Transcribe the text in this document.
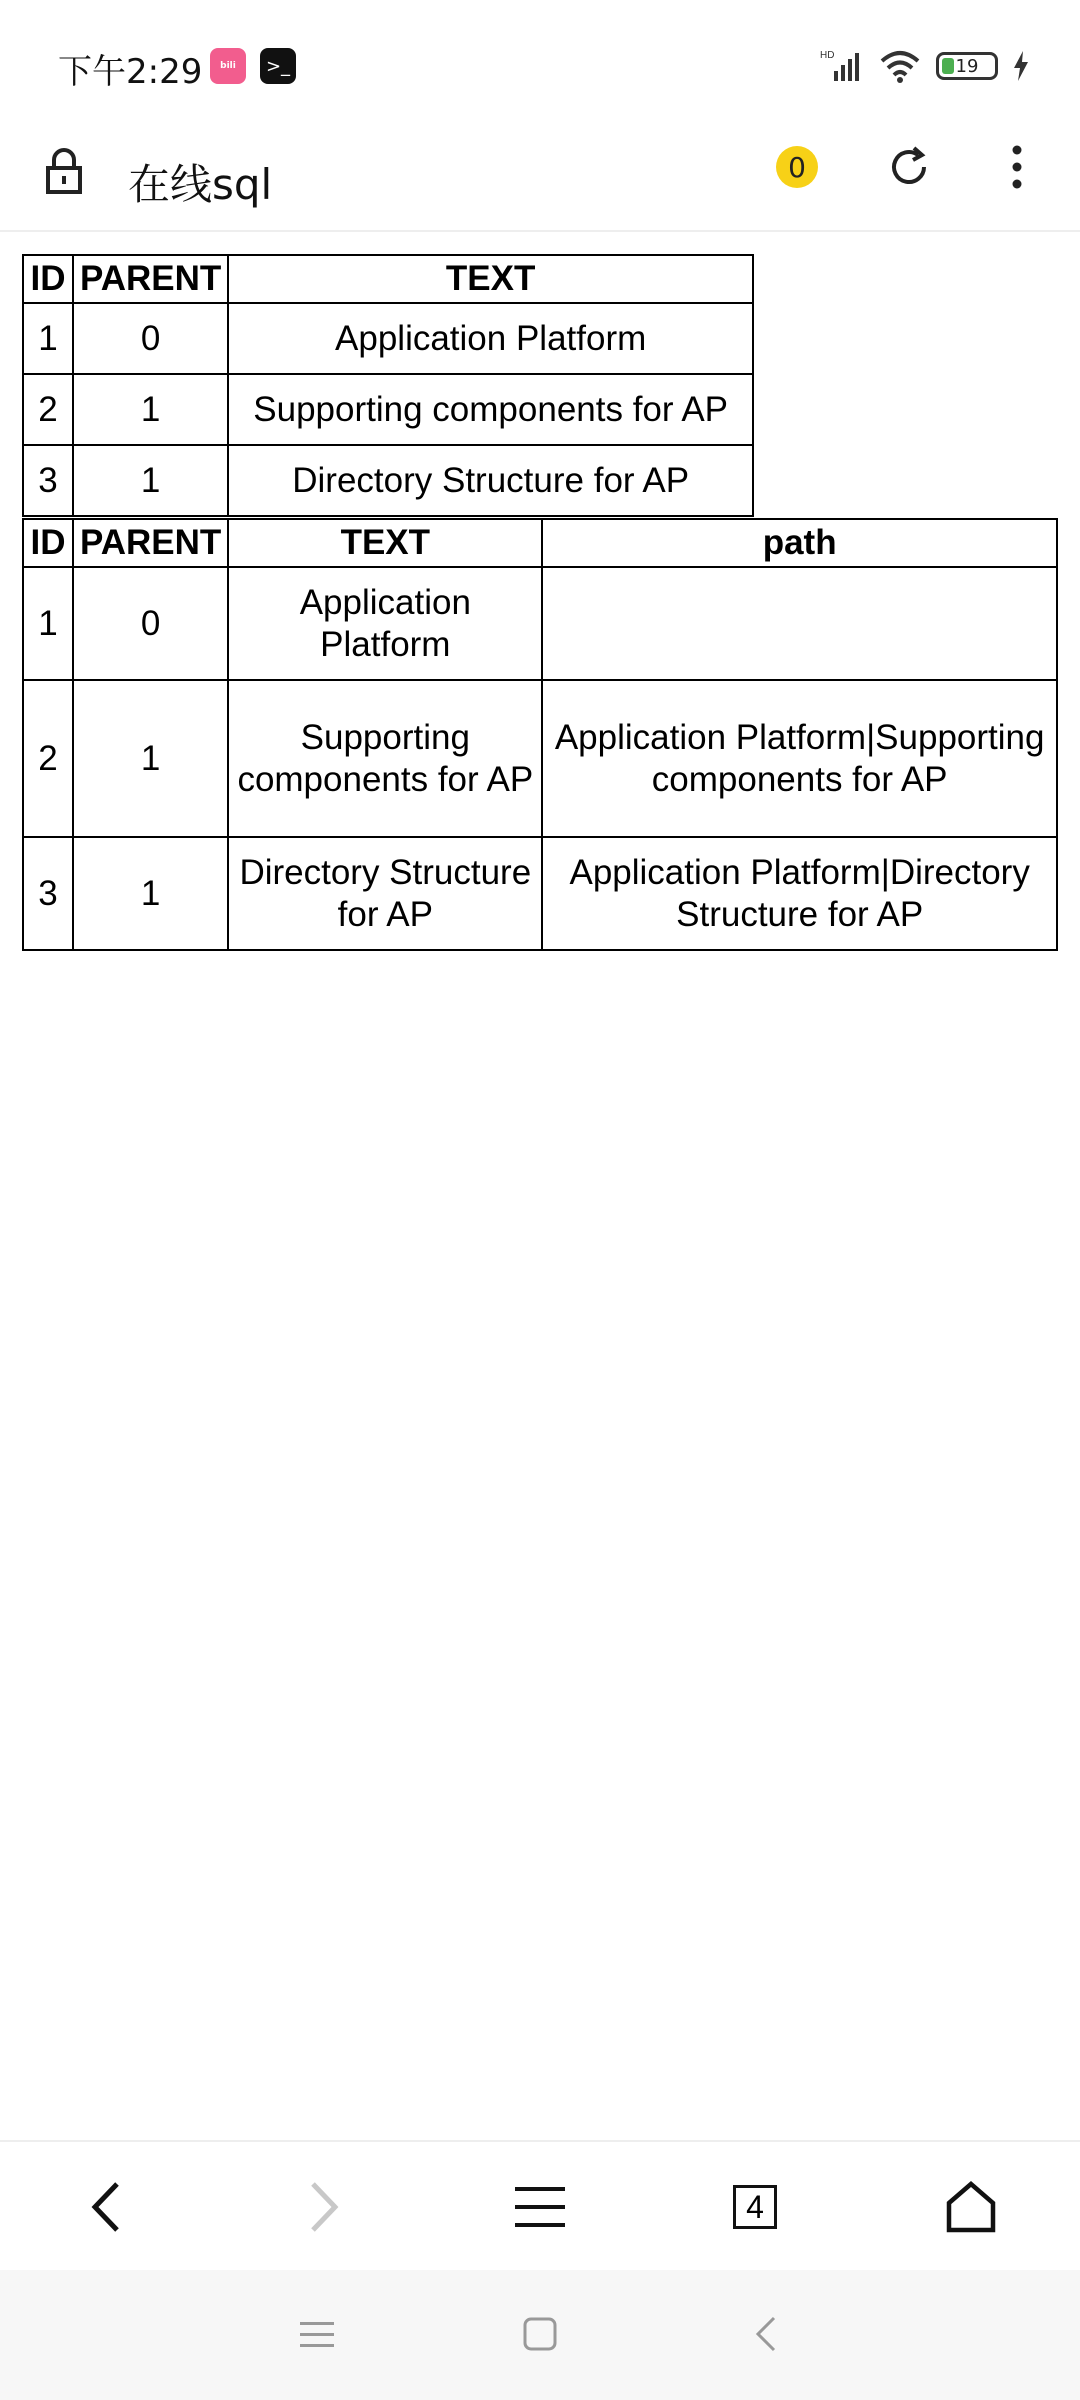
下午2:29	bili	>_	HD	19
在线sql	0
ID	PARENT	TEXT
1	0	Application Platform
2	1	Supporting components for AP
3	1	Directory Structure for AP
ID	PARENT	TEXT	path
1	0	Application Platform	
2	1	Supporting components for AP	Application Platform|Supporting components for AP
3	1	Directory Structure for AP	Application Platform|Directory Structure for AP
4
